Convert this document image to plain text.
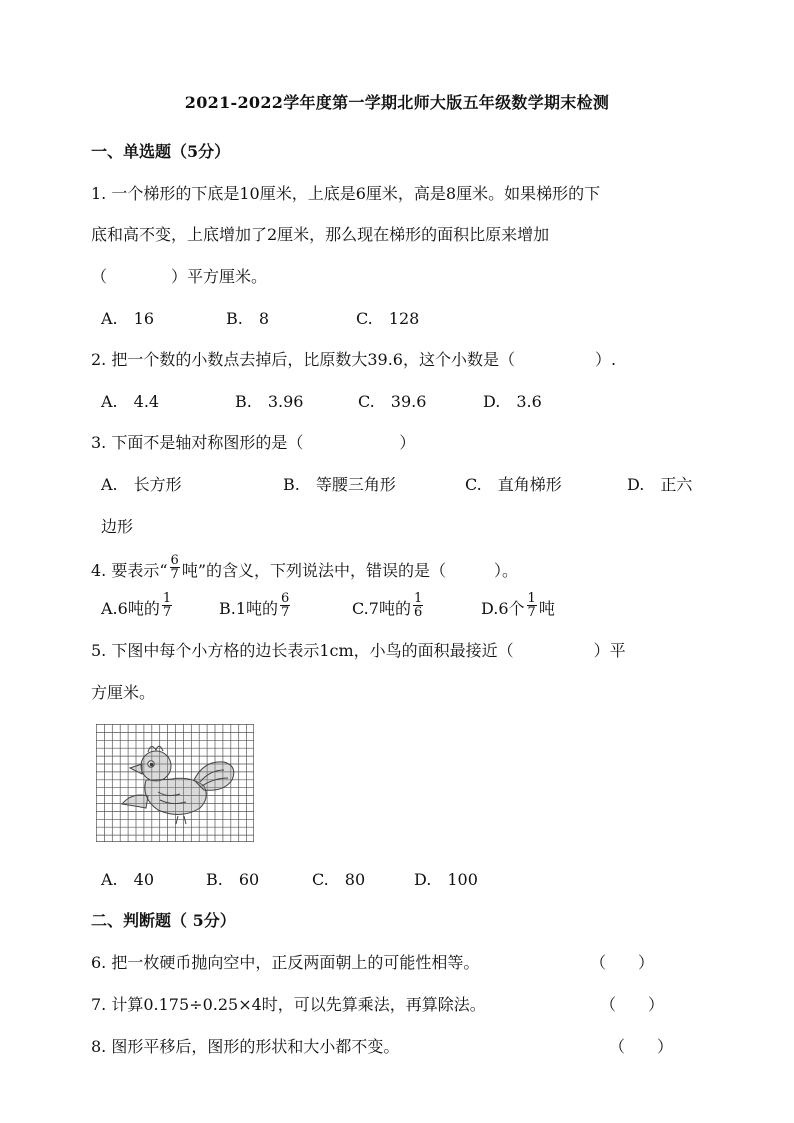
2021-2022学年度第一学期北师大版五年级数学期末检测
一、单选题（5分）
1. 一个梯形的下底是10厘米，上底是6厘米，高是8厘米。如果梯形的下
底和高不变，上底增加了2厘米，那么现在梯形的面积比原来增加
（　　　　）平方厘米。
A.　16	B.　8	C.　128
2. 把一个数的小数点去掉后，比原数大39.6，这个小数是（　　　　　）.
A.　4.4	B.　3.96	C.　39.6	D.　3.6
3. 下面不是轴对称图形的是（　　　　　　）
A.　长方形	B.　等腰三角形	C.　直角梯形	D.　正六
边形
4. 要表示“ $\frac{6}{7}$ 吨”的含义，下列说法中，错误的是（　　　）。
A.6吨的 $\frac{1}{7}$	B.1吨的 $\frac{6}{7}$	C.7吨的 $\frac{1}{6}$	D.6个 $\frac{1}{7}$ 吨
5. 下图中每个小方格的边长表示1cm，小鸟的面积最接近（　　　　　）平
方厘米。
A.　40	B.　60	C.　80	D.　100
二、判断题（ 5分）
6. 把一枚硬币抛向空中，正反两面朝上的可能性相等。	（　　）
7. 计算0.175÷0.25×4时，可以先算乘法，再算除法。	（　　）
8. 图形平移后，图形的形状和大小都不变。	（　　）
